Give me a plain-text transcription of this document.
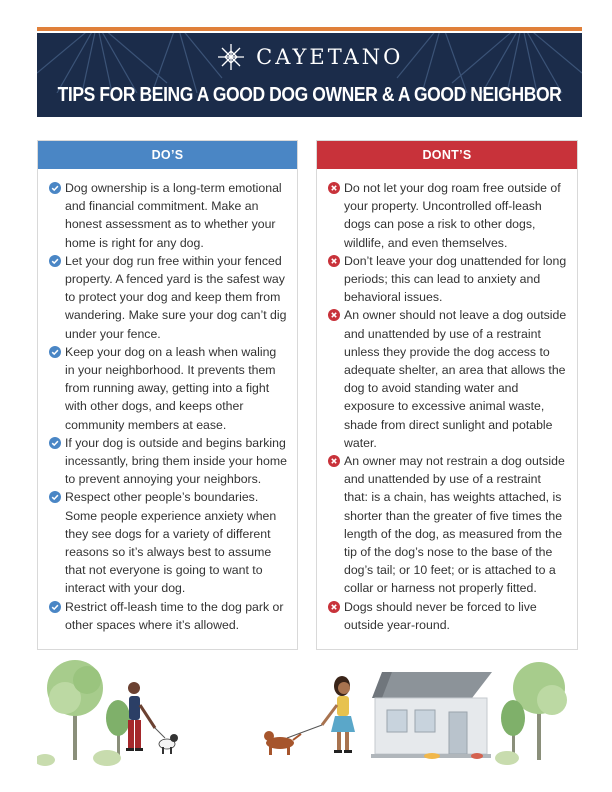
CAYETANO
TIPS FOR BEING A GOOD DOG OWNER & A GOOD NEIGHBOR
DO’S
Dog ownership is a long-term emotional and financial commitment. Make an honest assessment as to whether your home is right for any dog.
Let your dog run free within your fenced property. A fenced yard is the safest way to protect your dog and keep them from wandering. Make sure your dog can’t dig under your fence.
Keep your dog on a leash when waling in your neighborhood. It prevents them from running away, getting into a fight with other dogs, and keeps other community members at ease.
If your dog is outside and begins barking incessantly, bring them inside your home to prevent annoying your neighbors.
Respect other people’s boundaries. Some people experience anxiety when they see dogs for a variety of different reasons so it’s always best to assume that not everyone is going to want to interact with your dog.
Restrict off-leash time to the dog park or other spaces where it’s allowed.
DONT’S
Do not let your dog roam free outside of your property. Uncontrolled off-leash dogs can pose a risk to other dogs, wildlife, and even themselves.
Don’t leave your dog unattended for long periods; this can lead to anxiety and behavioral issues.
An owner should not leave a dog outside and unattended by use of a restraint unless they provide the dog access to adequate shelter, an area that allows the dog to avoid standing water and exposure to excessive animal waste, shade from direct sunlight and potable water.
An owner may not restrain a dog outside and unattended by use of a restraint that: is a chain, has weights attached, is shorter than the greater of five times the length of the dog, as measured from the tip of the dog’s nose to the base of the dog’s tail; or 10 feet; or is attached to a collar or harness not properly fitted.
Dogs should never be forced to live outside year-round.
